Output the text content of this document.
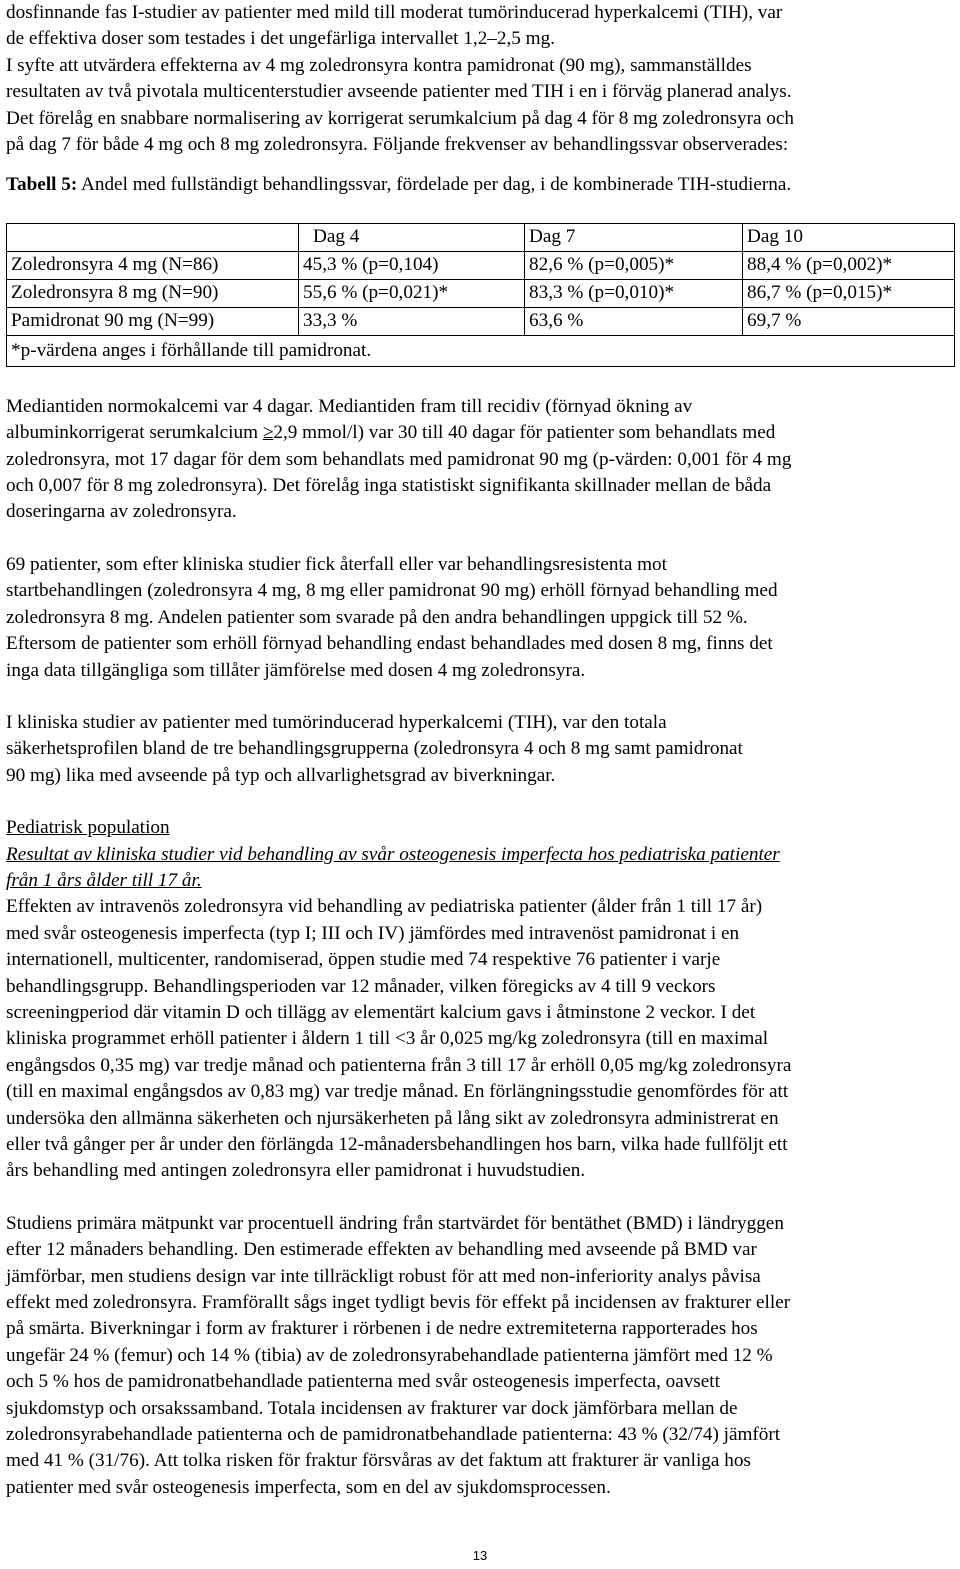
dosfinnande fas I-studier av patienter med mild till moderat tumörinducerad hyperkalcemi (TIH), var

de effektiva doser som testades i det ungefärliga intervallet 1,2–2,5 mg.

I syfte att utvärdera effekterna av 4 mg zoledronsyra kontra pamidronat (90 mg), sammanställdes

resultaten av två pivotala multicenterstudier avseende patienter med TIH i en i förväg planerad analys.

Det förelåg en snabbare normalisering av korrigerat serumkalcium på dag 4 för 8 mg zoledronsyra och

på dag 7 för både 4 mg och 8 mg zoledronsyra. Följande frekvenser av behandlingssvar observerades:

Tabell 5: Andel med fullständigt behandlingssvar, fördelade per dag, i de kombinerade TIH-studierna.

	Dag 4	Dag 7	Dag 10
Zoledronsyra 4 mg (N=86)	45,3 % (p=0,104)	82,6 % (p=0,005)*	88,4 % (p=0,002)*
Zoledronsyra 8 mg (N=90)	55,6 % (p=0,021)*	83,3 % (p=0,010)*	86,7 % (p=0,015)*
Pamidronat 90 mg (N=99)	33,3 %	63,6 %	69,7 %
*p-värdena anges i förhållande till pamidronat.			

Mediantiden normokalcemi var 4 dagar. Mediantiden fram till recidiv (förnyad ökning av

albuminkorrigerat serumkalcium ≥2,9 mmol/l) var 30 till 40 dagar för patienter som behandlats med

zoledronsyra, mot 17 dagar för dem som behandlats med pamidronat 90 mg (p-värden: 0,001 för 4 mg

och 0,007 för 8 mg zoledronsyra). Det förelåg inga statistiskt signifikanta skillnader mellan de båda

doseringarna av zoledronsyra.

69 patienter, som efter kliniska studier fick återfall eller var behandlingsresistenta mot

startbehandlingen (zoledronsyra 4 mg, 8 mg eller pamidronat 90 mg) erhöll förnyad behandling med

zoledronsyra 8 mg. Andelen patienter som svarade på den andra behandlingen uppgick till 52 %.

Eftersom de patienter som erhöll förnyad behandling endast behandlades med dosen 8 mg, finns det

inga data tillgängliga som tillåter jämförelse med dosen 4 mg zoledronsyra.

I kliniska studier av patienter med tumörinducerad hyperkalcemi (TIH), var den totala

säkerhetsprofilen bland de tre behandlingsgrupperna (zoledronsyra 4 och 8 mg samt pamidronat

90 mg) lika med avseende på typ och allvarlighetsgrad av biverkningar.

Pediatrisk population

Resultat av kliniska studier vid behandling av svår osteogenesis imperfecta hos pediatriska patienter

från 1 års ålder till 17 år.

Effekten av intravenös zoledronsyra vid behandling av pediatriska patienter (ålder från 1 till 17 år)

med svår osteogenesis imperfecta (typ I; III och IV) jämfördes med intravenöst pamidronat i en

internationell, multicenter, randomiserad, öppen studie med 74 respektive 76 patienter i varje

behandlingsgrupp. Behandlingsperioden var 12 månader, vilken föregicks av 4 till 9 veckors

screeningperiod där vitamin D och tillägg av elementärt kalcium gavs i åtminstone 2 veckor. I det

kliniska programmet erhöll patienter i åldern 1 till <3 år 0,025 mg/kg zoledronsyra (till en maximal

engångsdos 0,35 mg) var tredje månad och patienterna från 3 till 17 år erhöll 0,05 mg/kg zoledronsyra

(till en maximal engångsdos av 0,83 mg) var tredje månad. En förlängningsstudie genomfördes för att

undersöka den allmänna säkerheten och njursäkerheten på lång sikt av zoledronsyra administrerat en

eller två gånger per år under den förlängda 12-månadersbehandlingen hos barn, vilka hade fullföljt ett

års behandling med antingen zoledronsyra eller pamidronat i huvudstudien.

Studiens primära mätpunkt var procentuell ändring från startvärdet för bentäthet (BMD) i ländryggen

efter 12 månaders behandling. Den estimerade effekten av behandling med avseende på BMD var

jämförbar, men studiens design var inte tillräckligt robust för att med non-inferiority analys påvisa

effekt med zoledronsyra. Framförallt sågs inget tydligt bevis för effekt på incidensen av frakturer eller

på smärta. Biverkningar i form av frakturer i rörbenen i de nedre extremiteterna rapporterades hos

ungefär 24 % (femur) och 14 % (tibia) av de zoledronsyrabehandlade patienterna jämfört med 12 %

och 5 % hos de pamidronatbehandlade patienterna med svår osteogenesis imperfecta, oavsett

sjukdomstyp och orsakssamband. Totala incidensen av frakturer var dock jämförbara mellan de

zoledronsyrabehandlade patienterna och de pamidronatbehandlade patienterna: 43 % (32/74) jämfört

med 41 % (31/76). Att tolka risken för fraktur försvåras av det faktum att frakturer är vanliga hos

patienter med svår osteogenesis imperfecta, som en del av sjukdomsprocessen.

13
